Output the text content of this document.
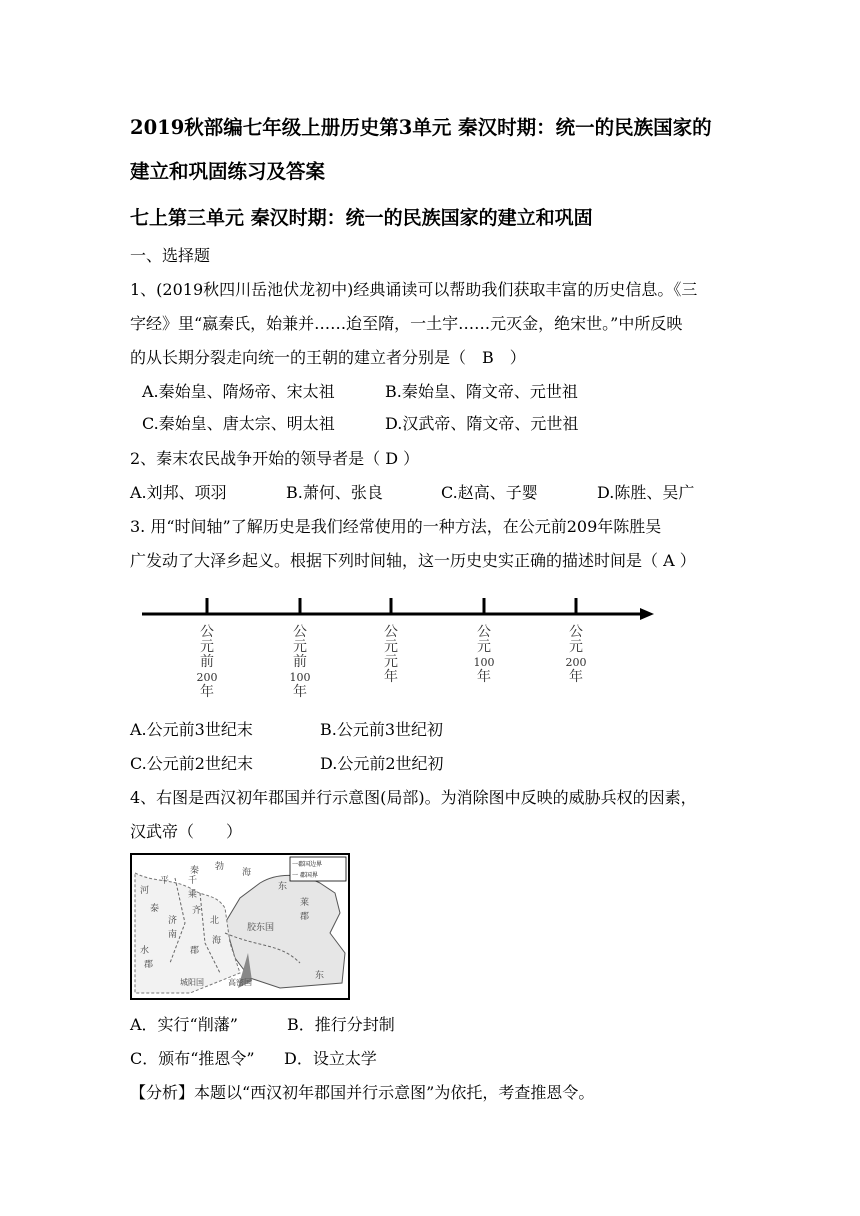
2019秋部编七年级上册历史第3单元 秦汉时期：统一的民族国家的
建立和巩固练习及答案
七上第三单元 秦汉时期：统一的民族国家的建立和巩固
一、选择题
1、(2019秋四川岳池伏龙初中)经典诵读可以帮助我们获取丰富的历史信息。《三
字经》里“嬴秦氏，始兼并……迨至隋，一土宇……元灭金，绝宋世。”中所反映
的从长期分裂走向统一的王朝的建立者分别是（　B　）
A.秦始皇、隋炀帝、宋太祖	B.秦始皇、隋文帝、元世祖
C.秦始皇、唐太宗、明太祖	D.汉武帝、隋文帝、元世祖
2、秦末农民战争开始的领导者是（ D ）
A.刘邦、项羽	B.萧何、张良	C.赵高、子婴	D.陈胜、吴广
3. 用“时间轴”了解历史是我们经常使用的一种方法，在公元前209年陈胜吴
广发动了大泽乡起义。根据下列时间轴，这一历史史实正确的描述时间是（ A ）
公
元
前
200
年
公
元
前
100
年
公
元
元
年
公
元
100
年
公
元
200
年
A.公元前3世纪末	B.公元前3世纪初
C.公元前2世纪末	D.公元前2世纪初
4、右图是西汉初年郡国并行示意图(局部)。为消除图中反映的威胁兵权的因素，
汉武帝（　　）
一郡国边界
一 郡国界
勃
海
河
平 千
乘
北
海
齐
济
南
东
莱
郡
郡
胶东国
秦
泰
城阳国	高密国
东
水
郡
A．实行“削藩”	B．推行分封制
C．颁布“推恩令” D．设立太学
【分析】本题以“西汉初年郡国并行示意图”为依托，考查推恩令。
